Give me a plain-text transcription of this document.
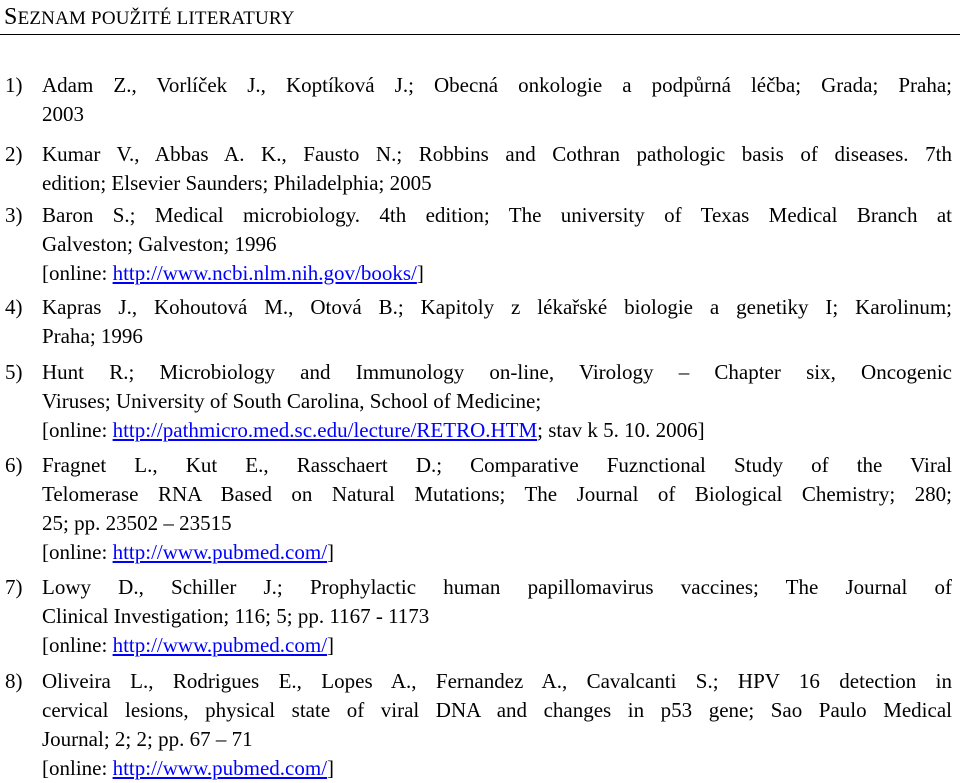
SEZNAM POUŽITÉ LITERATURY
1) Adam Z., Vorlíček J., Koptíková J.; Obecná onkologie a podpůrná léčba; Grada; Praha;
2003
2) Kumar V., Abbas A. K., Fausto N.; Robbins and Cothran pathologic basis of diseases. 7th
edition; Elsevier Saunders; Philadelphia; 2005
3) Baron S.; Medical microbiology. 4th edition; The university of Texas Medical Branch at
Galveston; Galveston; 1996
[online: http://www.ncbi.nlm.nih.gov/books/]
4) Kapras J., Kohoutová M., Otová B.; Kapitoly z lékařské biologie a genetiky I; Karolinum;
Praha; 1996
5) Hunt R.; Microbiology and Immunology on-line, Virology – Chapter six, Oncogenic
Viruses; University of South Carolina, School of Medicine;
[online: http://pathmicro.med.sc.edu/lecture/RETRO.HTM; stav k 5. 10. 2006]
6) Fragnet L., Kut E., Rasschaert D.; Comparative Fuznctional Study of the Viral
Telomerase RNA Based on Natural Mutations; The Journal of Biological Chemistry; 280;
25; pp. 23502 – 23515
[online: http://www.pubmed.com/]
7) Lowy D., Schiller J.; Prophylactic human papillomavirus vaccines; The Journal of
Clinical Investigation; 116; 5; pp. 1167 - 1173
[online: http://www.pubmed.com/]
8) Oliveira L., Rodrigues E., Lopes A., Fernandez A., Cavalcanti S.; HPV 16 detection in
cervical lesions, physical state of viral DNA and changes in p53 gene; Sao Paulo Medical
Journal; 2; 2; pp. 67 – 71
[online: http://www.pubmed.com/]
